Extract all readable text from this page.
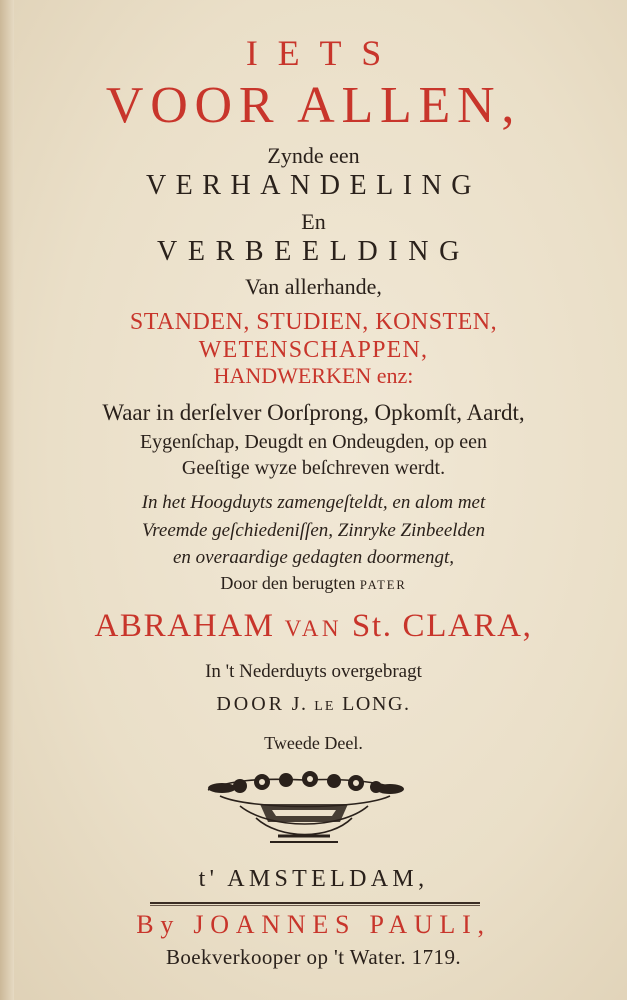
IETS
VOOR ALLEN,
Zynde een
VERHANDELING
En
VERBEELDING
Van allerhande,
STANDEN, STUDIEN, KONSTEN,
WETENSCHAPPEN,
HANDWERKEN enz:
Waar in derſelver Oorſprong, Opkomſt, Aardt,
Eygenſchap, Deugdt en Ondeugden, op een
Geeſtige wyze beſchreven werdt.
In het Hoogduyts zamengeſteldt, en alom met
Vreemde geſchiedeniſſen, Zinryke Zinbeelden
en overaardige gedagten doormengt,
Door den berugten PATER
ABRAHAM VAN St. CLARA,
In 't Nederduyts overgebragt
DOOR J. LE LONG.
Tweede Deel.
t' AMSTELDAM,
By JOANNES PAULI,
Boekverkooper op 't Water. 1719.
